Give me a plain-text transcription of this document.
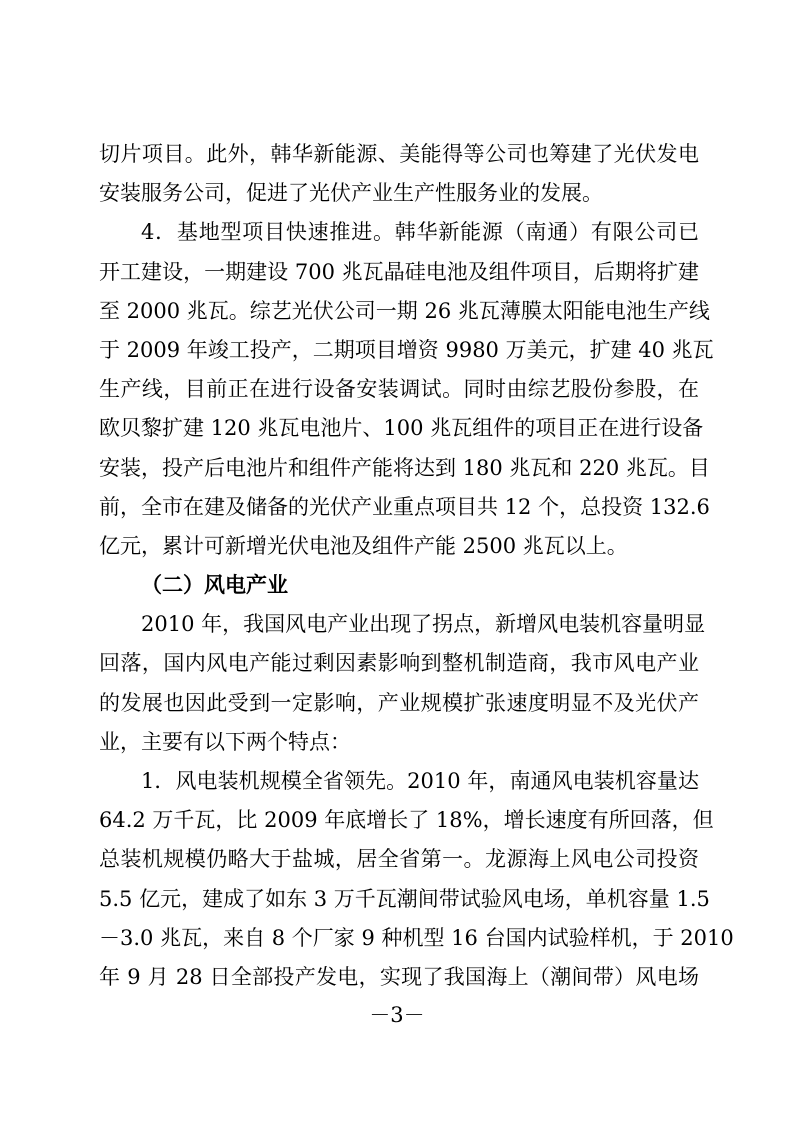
切片项目。此外，韩华新能源、美能得等公司也筹建了光伏发电
安装服务公司，促进了光伏产业生产性服务业的发展。
4．基地型项目快速推进。韩华新能源（南通）有限公司已
开工建设，一期建设 700 兆瓦晶硅电池及组件项目，后期将扩建
至 2000 兆瓦。综艺光伏公司一期 26 兆瓦薄膜太阳能电池生产线
于 2009 年竣工投产，二期项目增资 9980 万美元，扩建 40 兆瓦
生产线，目前正在进行设备安装调试。同时由综艺股份参股，在
欧贝黎扩建 120 兆瓦电池片、100 兆瓦组件的项目正在进行设备
安装，投产后电池片和组件产能将达到 180 兆瓦和 220 兆瓦。目
前，全市在建及储备的光伏产业重点项目共 12 个，总投资 132.6
亿元，累计可新增光伏电池及组件产能 2500 兆瓦以上。
（二）风电产业
2010 年，我国风电产业出现了拐点，新增风电装机容量明显
回落，国内风电产能过剩因素影响到整机制造商，我市风电产业
的发展也因此受到一定影响，产业规模扩张速度明显不及光伏产
业，主要有以下两个特点：
1．风电装机规模全省领先。2010 年，南通风电装机容量达
64.2 万千瓦，比 2009 年底增长了 18%，增长速度有所回落，但
总装机规模仍略大于盐城，居全省第一。龙源海上风电公司投资
5.5 亿元，建成了如东 3 万千瓦潮间带试验风电场，单机容量 1.5
－3.0 兆瓦，来自 8 个厂家 9 种机型 16 台国内试验样机，于 2010
年 9 月 28 日全部投产发电，实现了我国海上（潮间带）风电场
－3－
